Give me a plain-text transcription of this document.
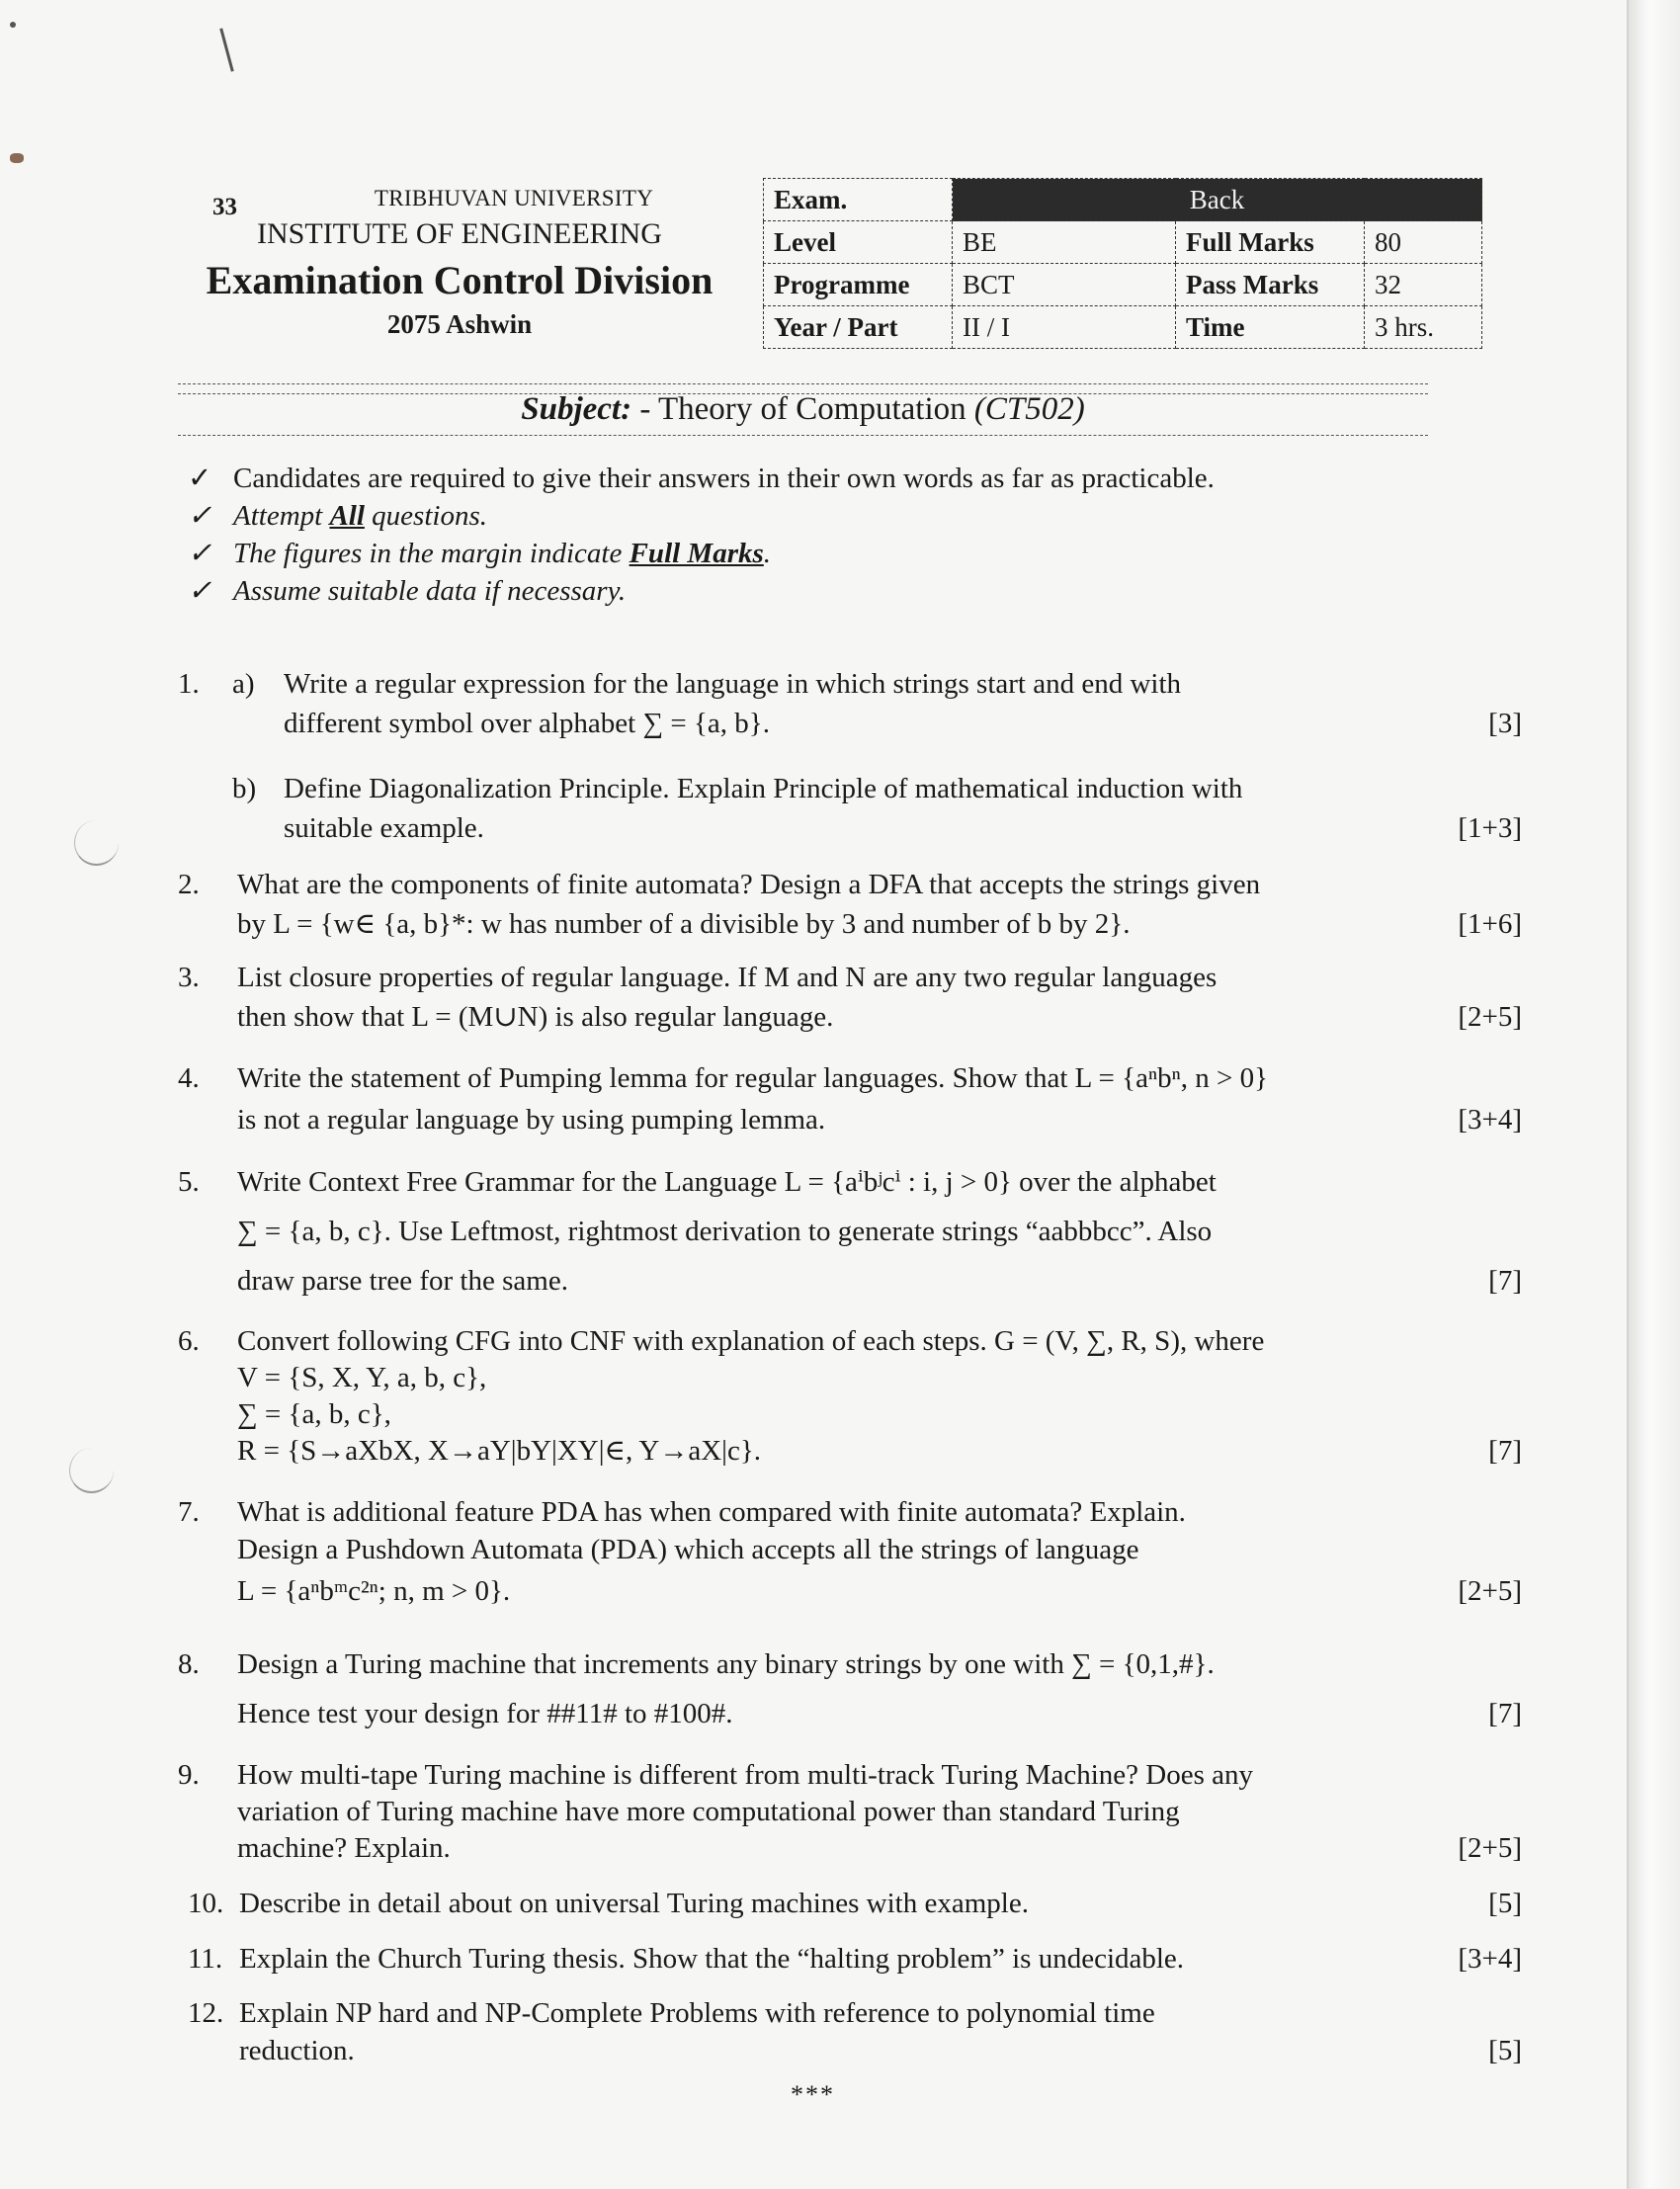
33	TRIBHUVAN UNIVERSITY
INSTITUTE OF ENGINEERING
Examination Control Division
2075 Ashwin
Exam.	Back		
Level	BE	Full Marks	80
Programme	BCT	Pass Marks	32
Year / Part	II / I	Time	3 hrs.
Subject: - Theory of Computation (CT502)
✓ Candidates are required to give their answers in their own words as far as practicable.
✓ Attempt All questions.
✓ The figures in the margin indicate Full Marks.
✓ Assume suitable data if necessary.
1. a) Write a regular expression for the language in which strings start and end with
different symbol over alphabet ∑ = {a, b}.	[3]
b) Define Diagonalization Principle. Explain Principle of mathematical induction with
suitable example.	[1+3]
2. What are the components of finite automata? Design a DFA that accepts the strings given
by L = {w∈ {a, b}*: w has number of a divisible by 3 and number of b by 2}.	[1+6]
3. List closure properties of regular language. If M and N are any two regular languages
then show that L = (M∪N) is also regular language.	[2+5]
4. Write the statement of Pumping lemma for regular languages. Show that L = {aⁿbⁿ, n > 0}
is not a regular language by using pumping lemma.	[3+4]
5. Write Context Free Grammar for the Language L = {aⁱbʲcⁱ : i, j > 0} over the alphabet
∑ = {a, b, c}. Use Leftmost, rightmost derivation to generate strings “aabbbcc”. Also
draw parse tree for the same.	[7]
6. Convert following CFG into CNF with explanation of each steps. G = (V, ∑, R, S), where
V = {S, X, Y, a, b, c},
∑ = {a, b, c},
R = {S→aXbX, X→aY|bY|XY|∈, Y→aX|c}.	[7]
7. What is additional feature PDA has when compared with finite automata? Explain.
Design a Pushdown Automata (PDA) which accepts all the strings of language
L = {aⁿbᵐc²ⁿ; n, m > 0}.	[2+5]
8. Design a Turing machine that increments any binary strings by one with ∑ = {0,1,#}.
Hence test your design for ##11# to #100#.	[7]
9. How multi-tape Turing machine is different from multi-track Turing Machine? Does any
variation of Turing machine have more computational power than standard Turing
machine? Explain.	[2+5]
10. Describe in detail about on universal Turing machines with example.	[5]
11. Explain the Church Turing thesis. Show that the “halting problem” is undecidable.	[3+4]
12. Explain NP hard and NP-Complete Problems with reference to polynomial time
reduction.	[5]
***
